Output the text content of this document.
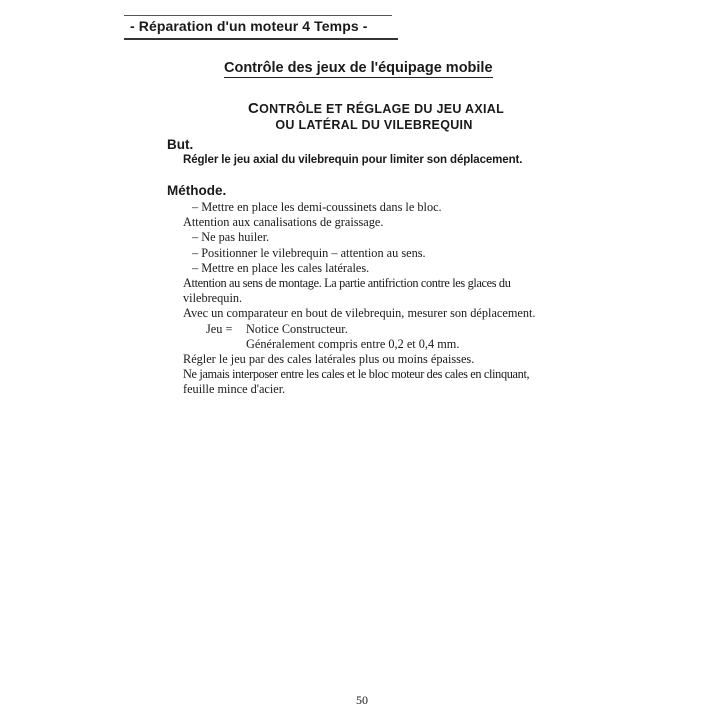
- Réparation d'un moteur 4 Temps -
Contrôle des jeux de l'équipage mobile
CONTRÔLE ET RÉGLAGE DU JEU AXIAL
OU LATÉRAL DU VILEBREQUIN
But.
Régler le jeu axial du vilebrequin pour limiter son déplacement.
Méthode.
– Mettre en place les demi-coussinets dans le bloc.
Attention aux canalisations de graissage.
– Ne pas huiler.
– Positionner le vilebrequin – attention au sens.
– Mettre en place les cales latérales.
Attention au sens de montage. La partie antifriction contre les glaces du
vilebrequin.
Avec un comparateur en bout de vilebrequin, mesurer son déplacement.
Jeu = Notice Constructeur.
Généralement compris entre 0,2 et 0,4 mm.
Régler le jeu par des cales latérales plus ou moins épaisses.
Ne jamais interposer entre les cales et le bloc moteur des cales en clinquant,
feuille mince d'acier.
50
